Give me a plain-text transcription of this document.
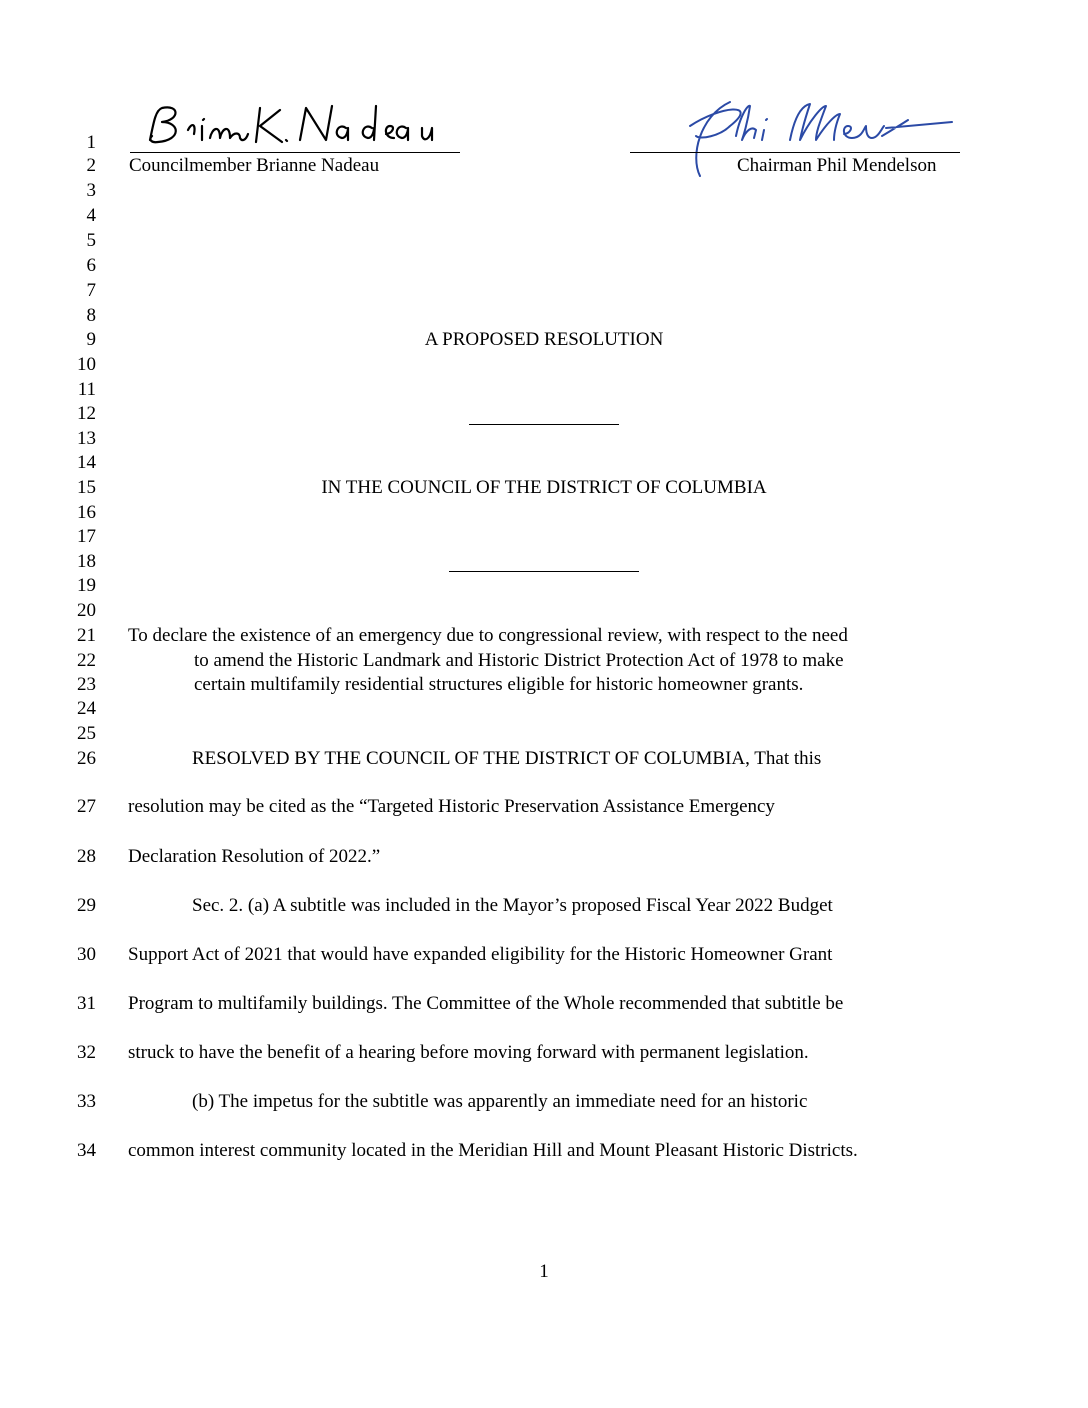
Councilmember Brianne Nadeau	Chairman Phil Mendelson
1
2
3
4
5
6
7
8
9
10
11
12
13
14
15
16
17
18
19
20
21
22
23
24
25
26
27
28
29
30
31
32
33
34
A PROPOSED RESOLUTION
IN THE COUNCIL OF THE DISTRICT OF COLUMBIA
To declare the existence of an emergency due to congressional review, with respect to the need
to amend the Historic Landmark and Historic District Protection Act of 1978 to make
certain multifamily residential structures eligible for historic homeowner grants.
RESOLVED BY THE COUNCIL OF THE DISTRICT OF COLUMBIA, That this
resolution may be cited as the “Targeted Historic Preservation Assistance Emergency
Declaration Resolution of 2022.”
Sec. 2. (a) A subtitle was included in the Mayor’s proposed Fiscal Year 2022 Budget
Support Act of 2021 that would have expanded eligibility for the Historic Homeowner Grant
Program to multifamily buildings. The Committee of the Whole recommended that subtitle be
struck to have the benefit of a hearing before moving forward with permanent legislation.
(b) The impetus for the subtitle was apparently an immediate need for an historic
common interest community located in the Meridian Hill and Mount Pleasant Historic Districts.
1
